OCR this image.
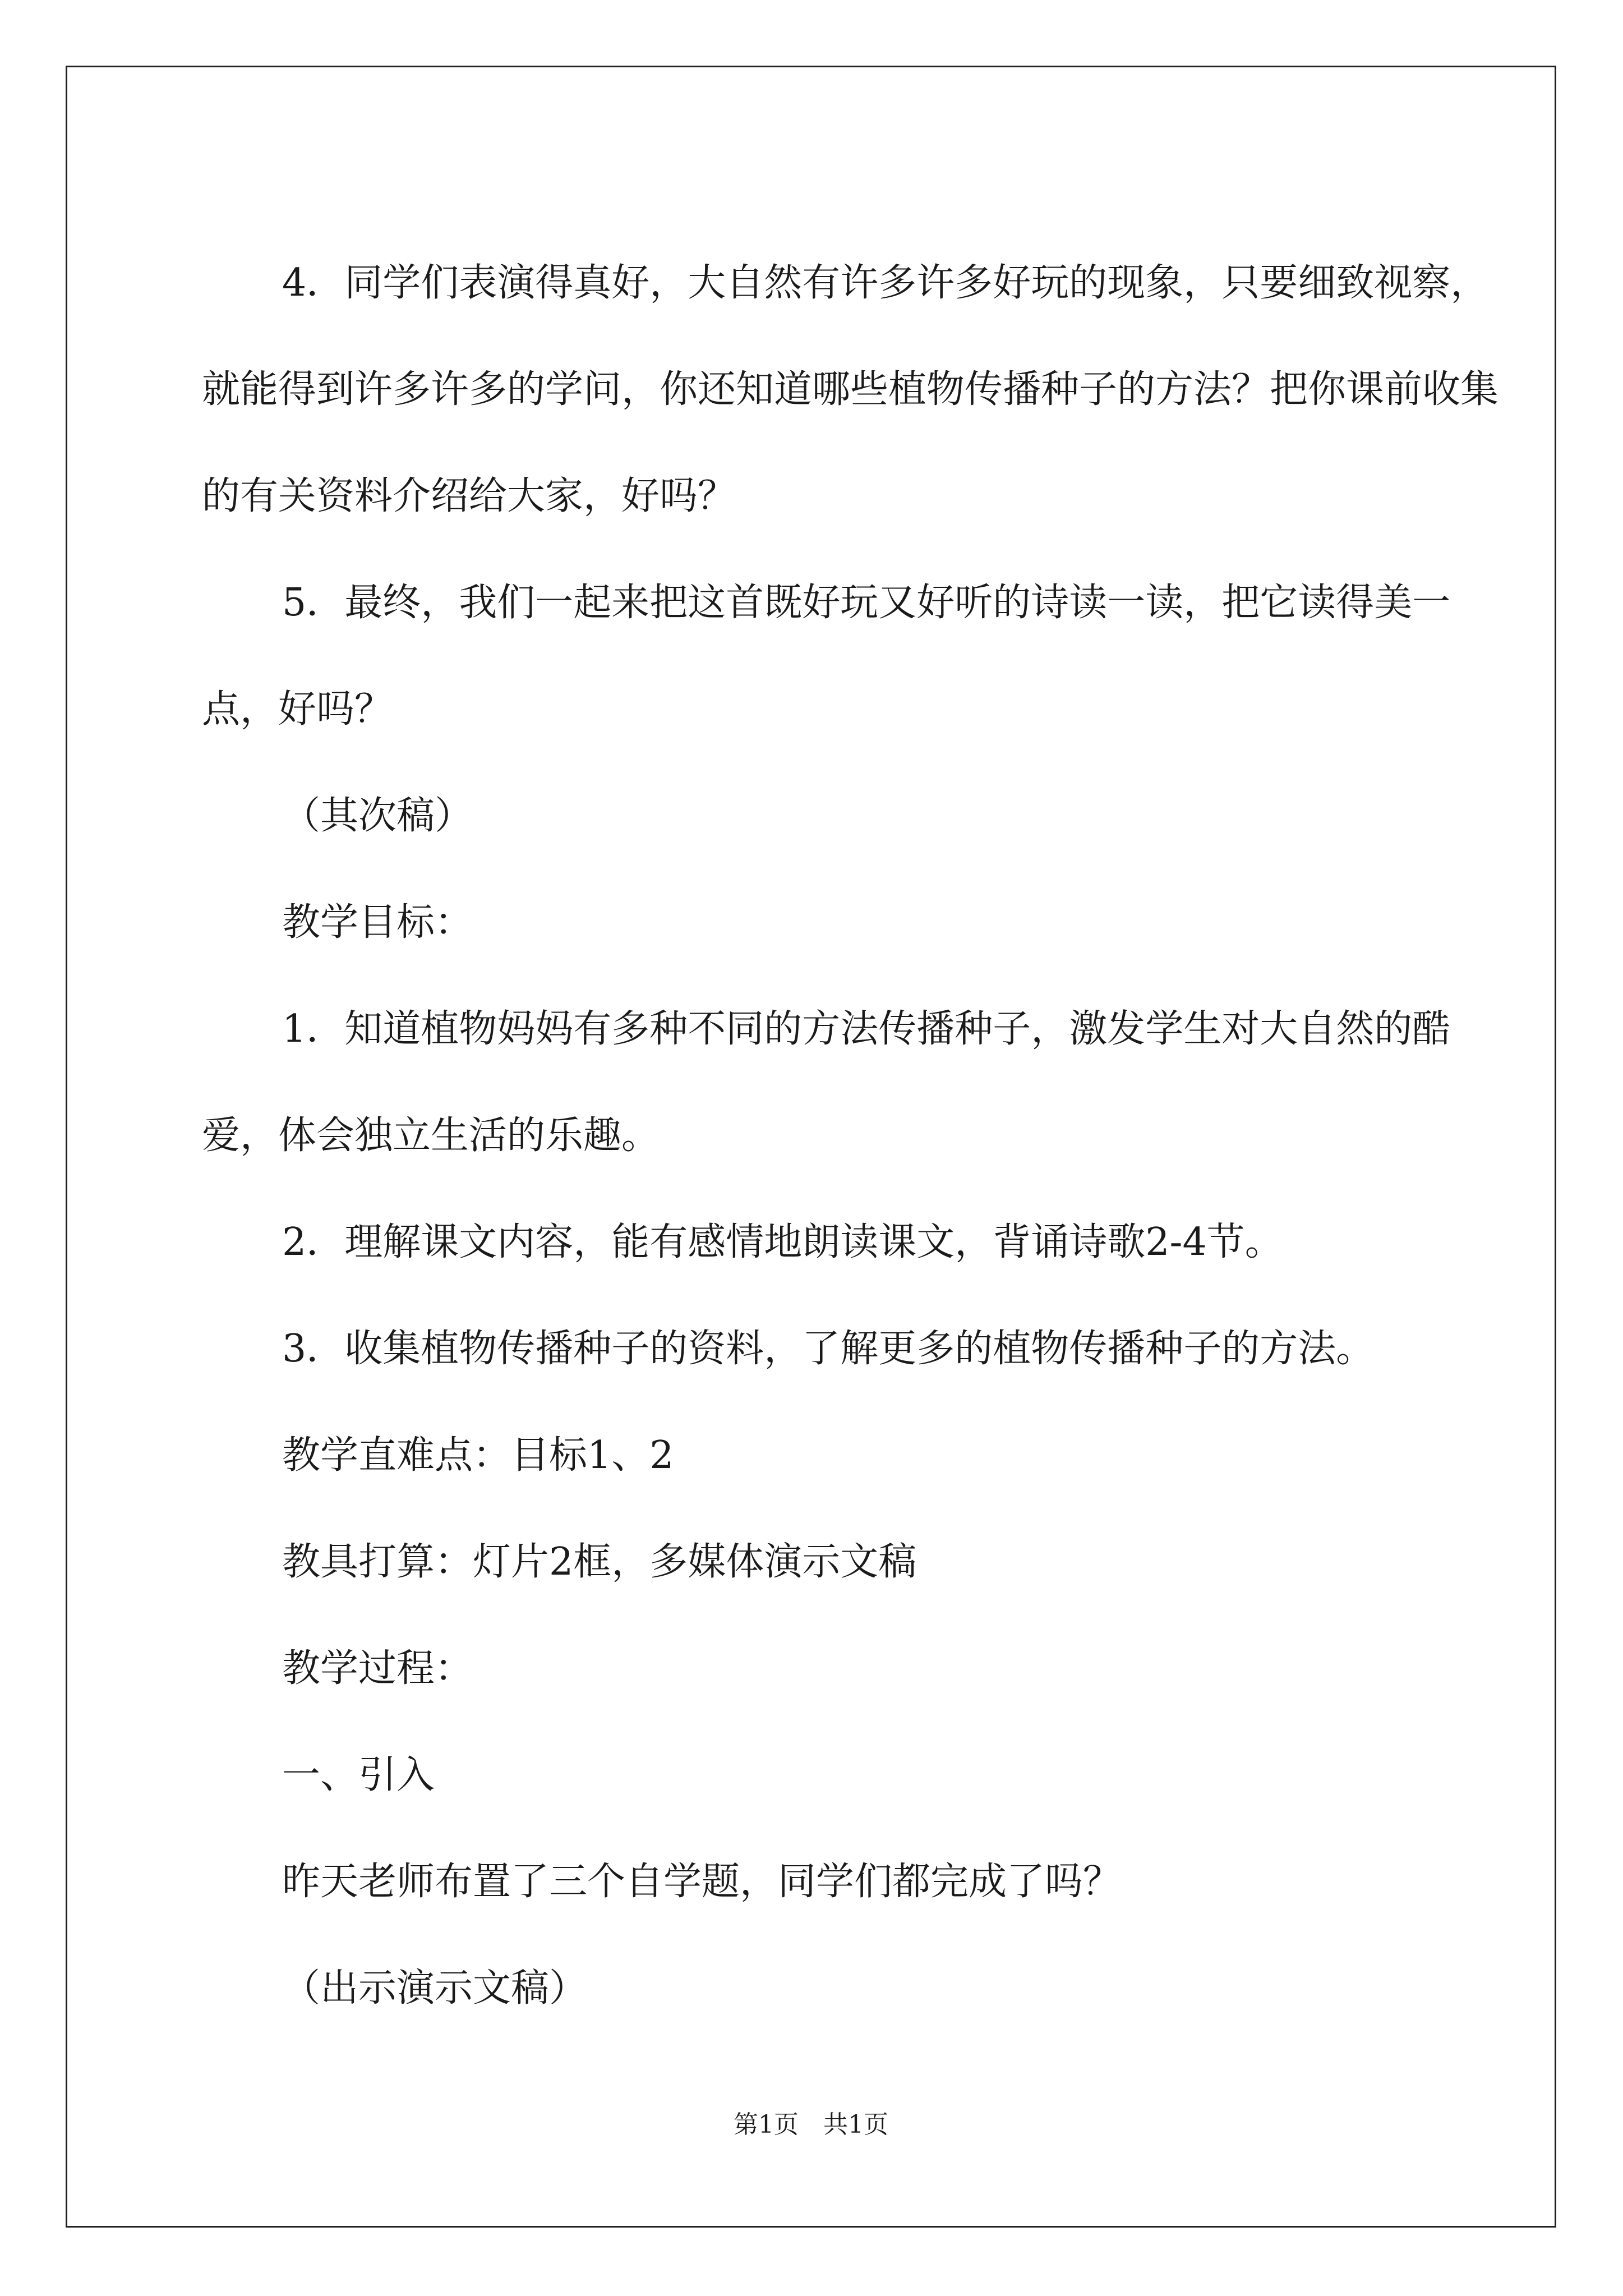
4．同学们表演得真好，大自然有许多许多好玩的现象，只要细致视察，就能得到许多许多的学问，你还知道哪些植物传播种子的方法？把你课前收集的有关资料介绍给大家，好吗？

5．最终，我们一起来把这首既好玩又好听的诗读一读，把它读得美一点，好吗？

（其次稿）

教学目标：

1．知道植物妈妈有多种不同的方法传播种子，激发学生对大自然的酷爱，体会独立生活的乐趣。

2．理解课文内容，能有感情地朗读课文，背诵诗歌2-4节。

3．收集植物传播种子的资料，了解更多的植物传播种子的方法。

教学直难点：目标1、2

教具打算：灯片2框，多媒体演示文稿

教学过程：

一、引入

昨天老师布置了三个自学题，同学们都完成了吗？

（出示演示文稿）

第1页 共1页
